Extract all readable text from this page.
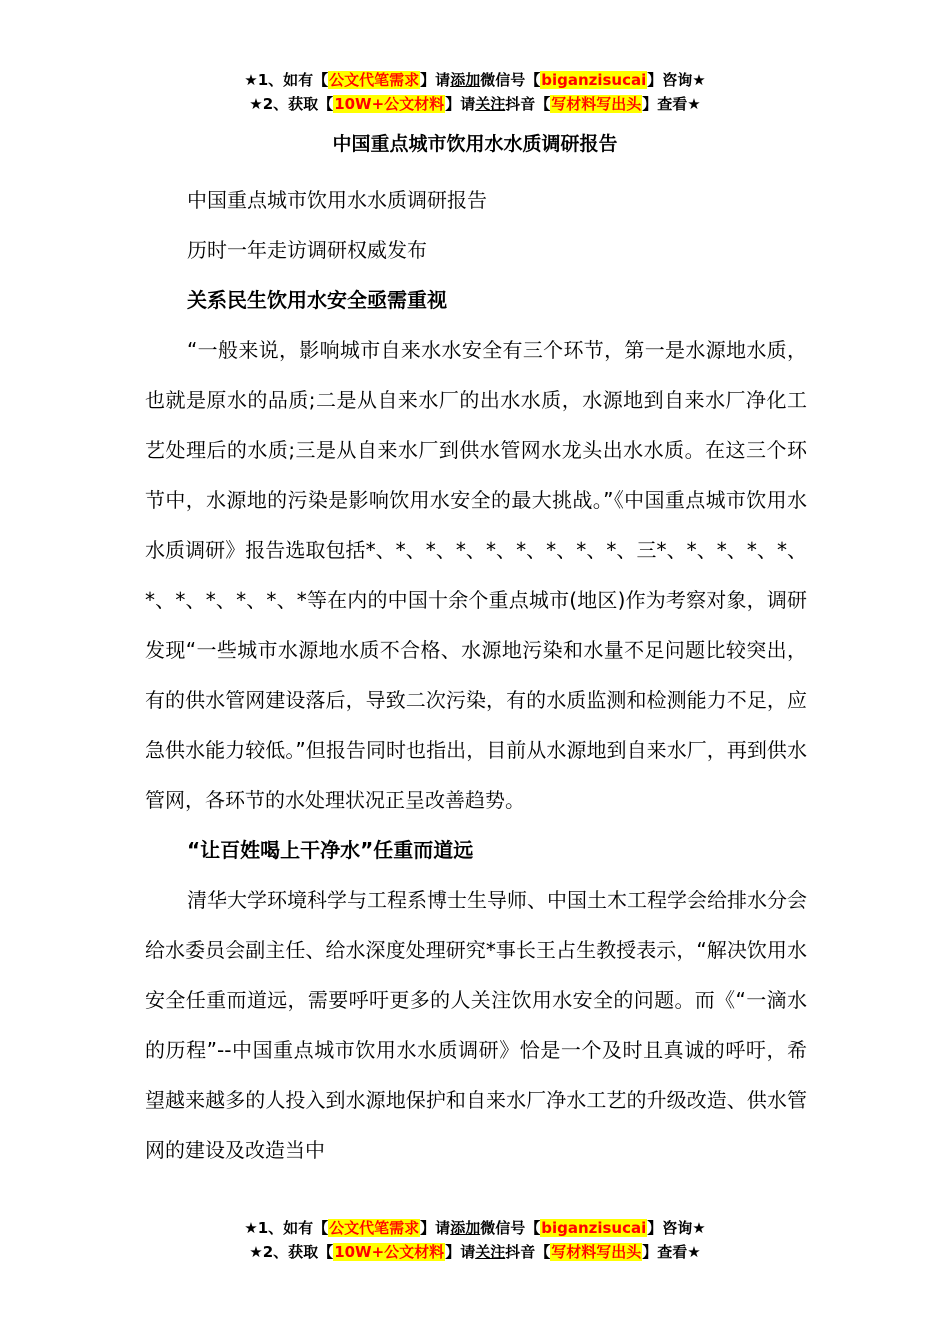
★1、如有【公文代笔需求】请添加微信号【biganzisucai】咨询★
★2、获取【10W+公文材料】请关注抖音【写材料写出头】查看★
中国重点城市饮用水水质调研报告

中国重点城市饮用水水质调研报告

历时一年走访调研权威发布

关系民生饮用水安全亟需重视

“一般来说，影响城市自来水水安全有三个环节，第一是水源地水质，也就是原水的品质;二是从自来水厂的出水水质，水源地到自来水厂净化工艺处理后的水质;三是从自来水厂到供水管网水龙头出水水质。在这三个环节中，水源地的污染是影响饮用水安全的最大挑战。”《中国重点城市饮用水水质调研》报告选取包括*、*、*、*、*、*、*、*、*、三*、*、*、*、*、*、*、*、*、*、*等在内的中国十余个重点城市(地区)作为考察对象，调研发现“一些城市水源地水质不合格、水源地污染和水量不足问题比较突出，有的供水管网建设落后，导致二次污染，有的水质监测和检测能力不足，应急供水能力较低。”但报告同时也指出，目前从水源地到自来水厂，再到供水管网，各环节的水处理状况正呈改善趋势。

“让百姓喝上干净水”任重而道远

清华大学环境科学与工程系博士生导师、中国土木工程学会给排水分会给水委员会副主任、给水深度处理研究*事长王占生教授表示，“解决饮用水安全任重而道远，需要呼吁更多的人关注饮用水安全的问题。而《“一滴水的历程”--中国重点城市饮用水水质调研》恰是一个及时且真诚的呼吁，希望越来越多的人投入到水源地保护和自来水厂净水工艺的升级改造、供水管网的建设及改造当中

★1、如有【公文代笔需求】请添加微信号【biganzisucai】咨询★
★2、获取【10W+公文材料】请关注抖音【写材料写出头】查看★
